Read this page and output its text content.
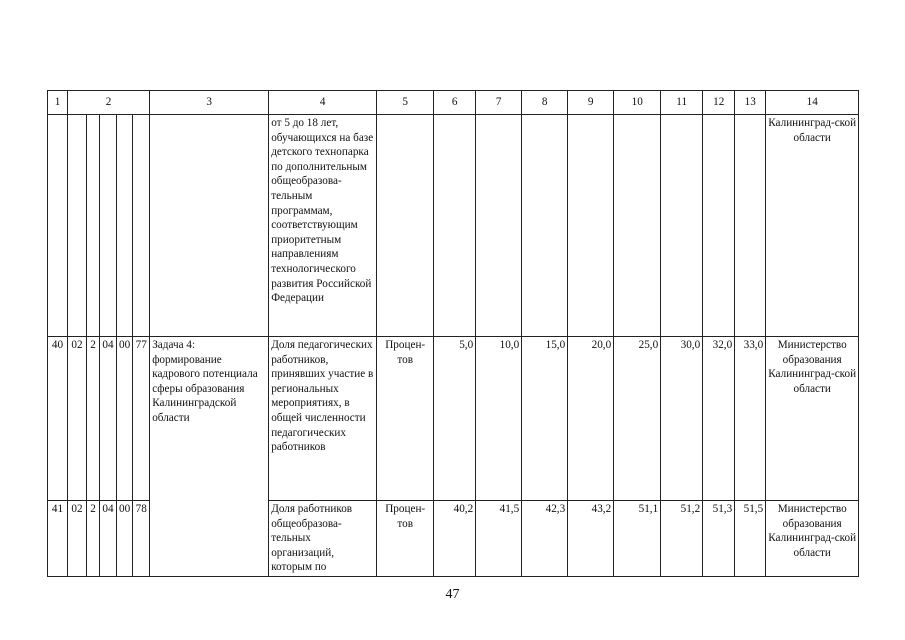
1	2					3	4	5	6	7	8	9	10	11	12	13	14
							от 5 до 18 лет, обучающихся на базе детского технопарка по дополнительным общеобразова-тельным программам, соответствующим приоритетным направлениям технологического развития Российской Федерации										Калининград-ской области
40	02	2	04	00	77	Задача 4: формирование кадрового потенциала сферы образования Калининградской области	Доля педагогических работников, принявших участие в региональных мероприятиях, в общей численности педагогических работников	Процен-тов	5,0	10,0	15,0	20,0	25,0	30,0	32,0	33,0	Министерство образования Калининград-ской области
41	02	2	04	00	78		Доля работников общеобразова-тельных организаций, которым по	Процен-тов	40,2	41,5	42,3	43,2	51,1	51,2	51,3	51,5	Министерство образования Калининград-ской области
47
